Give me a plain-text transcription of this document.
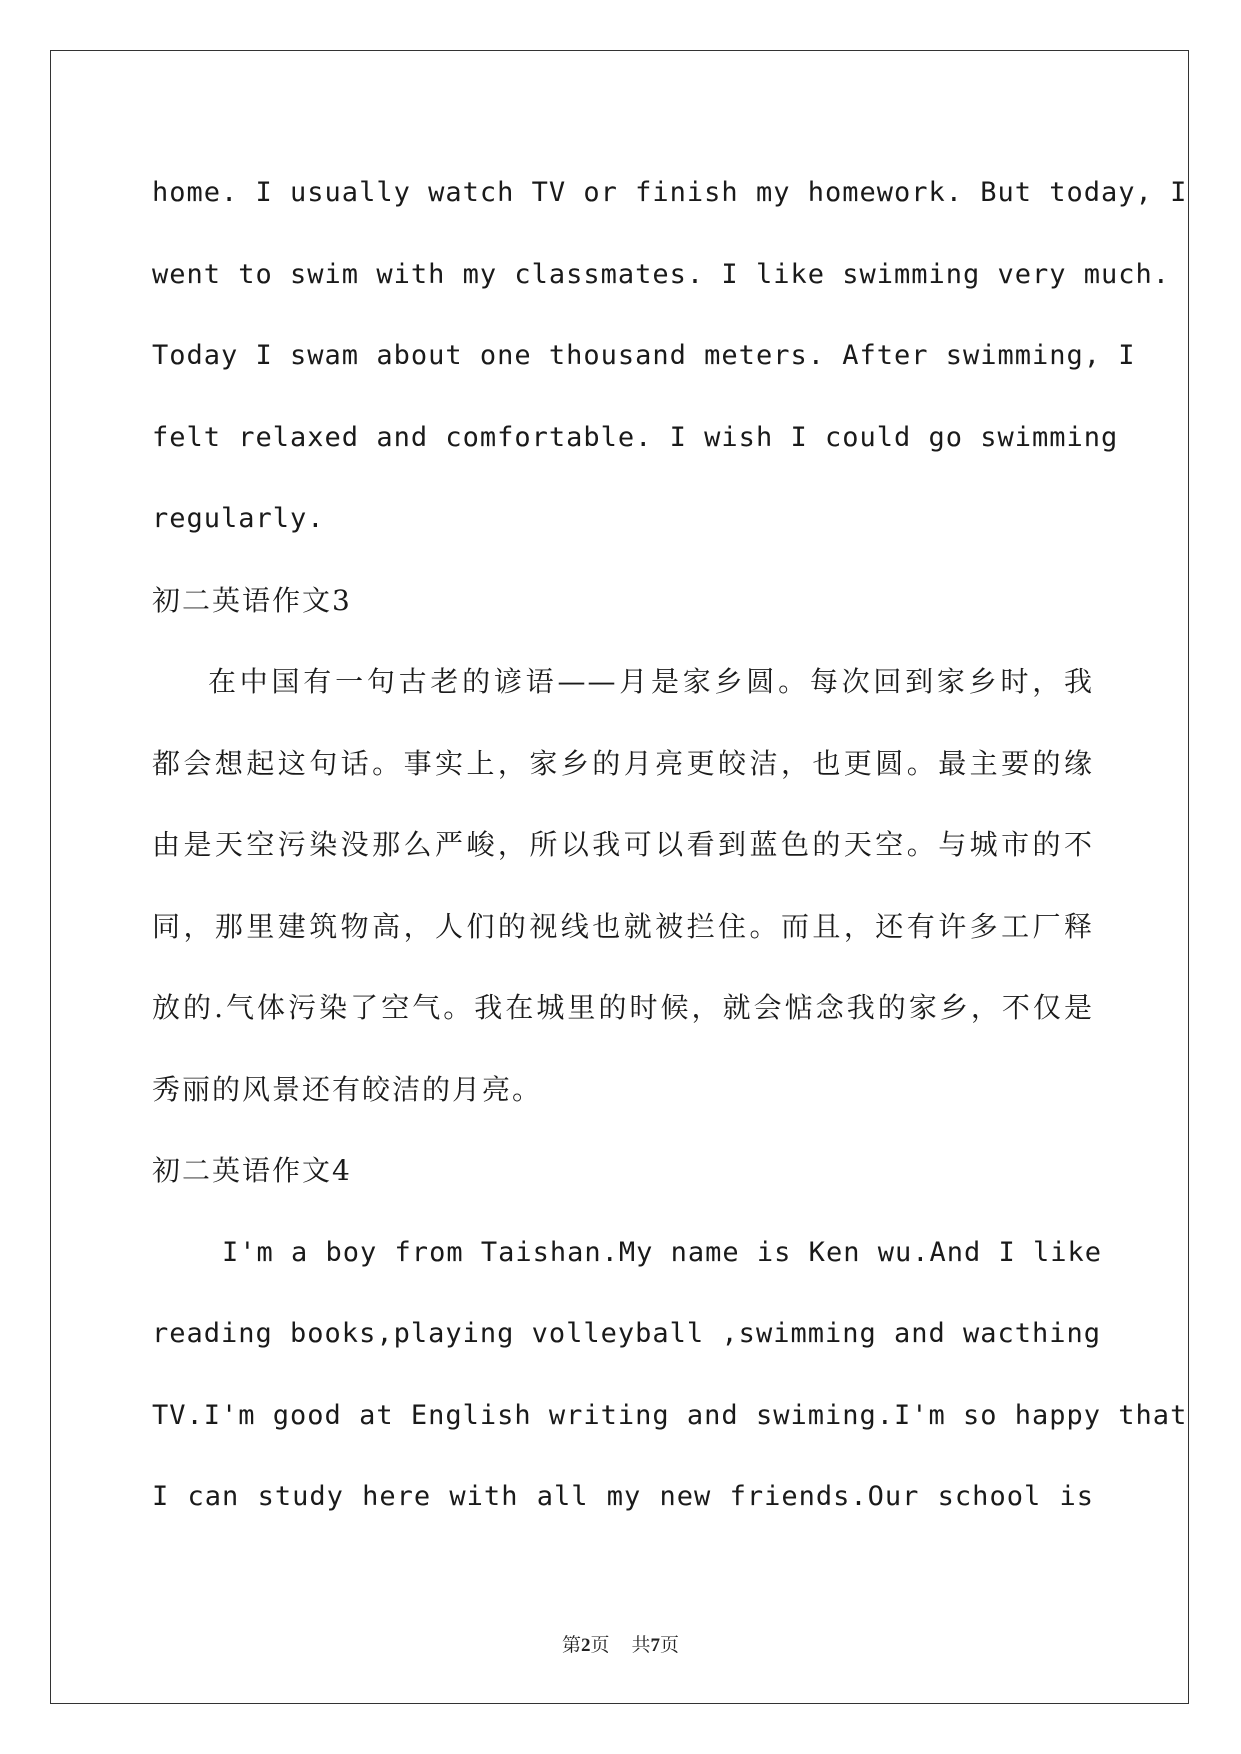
home. I usually watch TV or finish my homework. But today, I
went to swim with my classmates. I like swimming very much.
Today I swam about one thousand meters. After swimming, I
felt relaxed and comfortable. I wish I could go swimming
regularly.
初二英语作文3
在中国有一句古老的谚语——月是家乡圆。每次回到家乡时，我
都会想起这句话。事实上，家乡的月亮更皎洁，也更圆。最主要的缘
由是天空污染没那么严峻，所以我可以看到蓝色的天空。与城市的不
同，那里建筑物高，人们的视线也就被拦住。而且，还有许多工厂释
放的.气体污染了空气。我在城里的时候，就会惦念我的家乡，不仅是
秀丽的风景还有皎洁的月亮。
初二英语作文4
I'm a boy from Taishan.My name is Ken wu.And I like
reading books,playing volleyball ,swimming and wacthing
TV.I'm good at English writing and swiming.I'm so happy that
I can study here with all my new friends.Our school is
第2页 共7页
